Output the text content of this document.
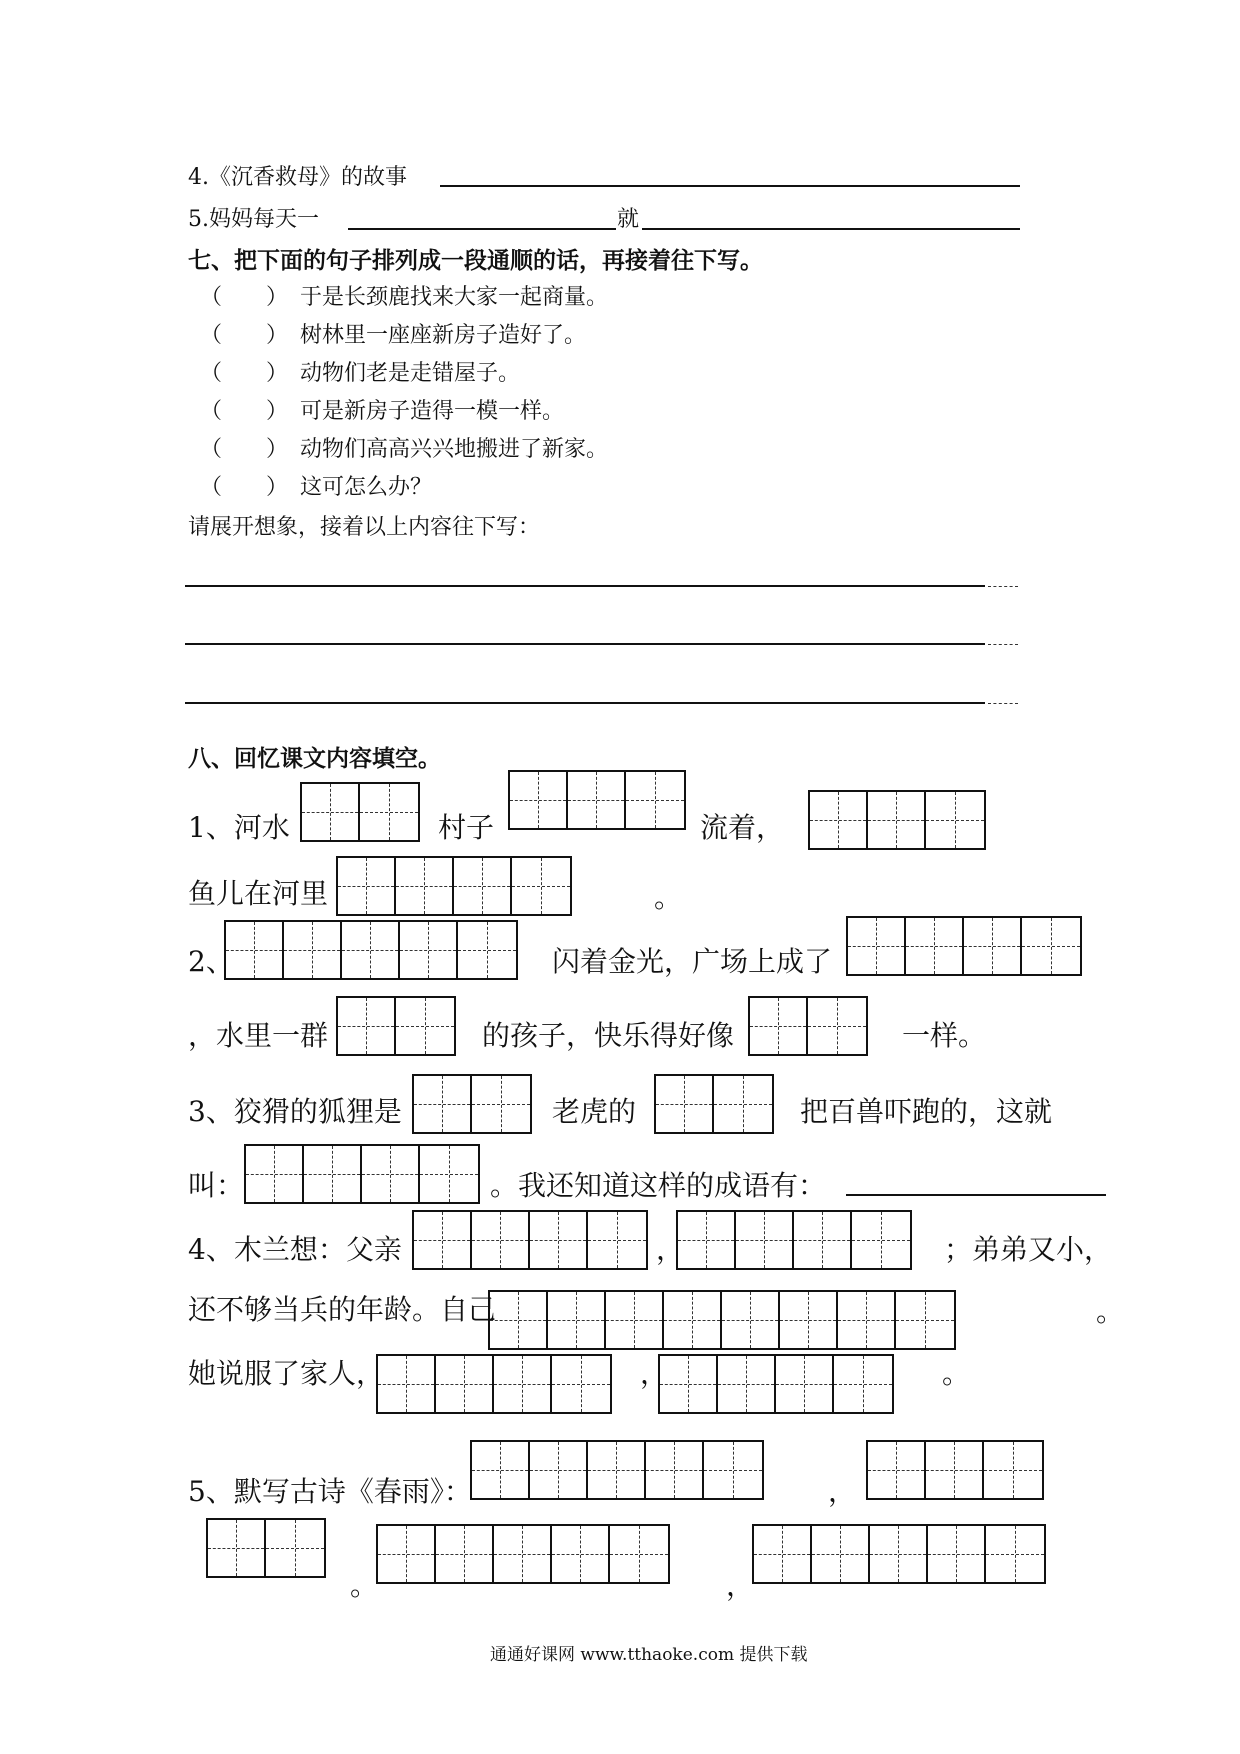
4.《沉香救母》的故事
5.妈妈每天一	就
七、把下面的句子排列成一段通顺的话，再接着往下写。
（　　） 于是长颈鹿找来大家一起商量。
（　　） 树林里一座座新房子造好了。
（　　） 动物们老是走错屋子。
（　　） 可是新房子造得一模一样。
（　　） 动物们高高兴兴地搬进了新家。
（　　） 这可怎么办？
请展开想象，接着以上内容往下写：
八、回忆课文内容填空。
1、河水	村子	流着，
鱼儿在河里	。
2、	闪着金光，广场上成了
，水里一群	的孩子，快乐得好像	一样。
3、狡猾的狐狸是	老虎的	把百兽吓跑的，这就
叫：	。我还知道这样的成语有：
4、木兰想：父亲	，	；弟弟又小，
还不够当兵的年龄。自己	。
她说服了家人，	，	。
5、默写古诗《春雨》：	，
。	，
通通好课网 www.tthaoke.com 提供下载
